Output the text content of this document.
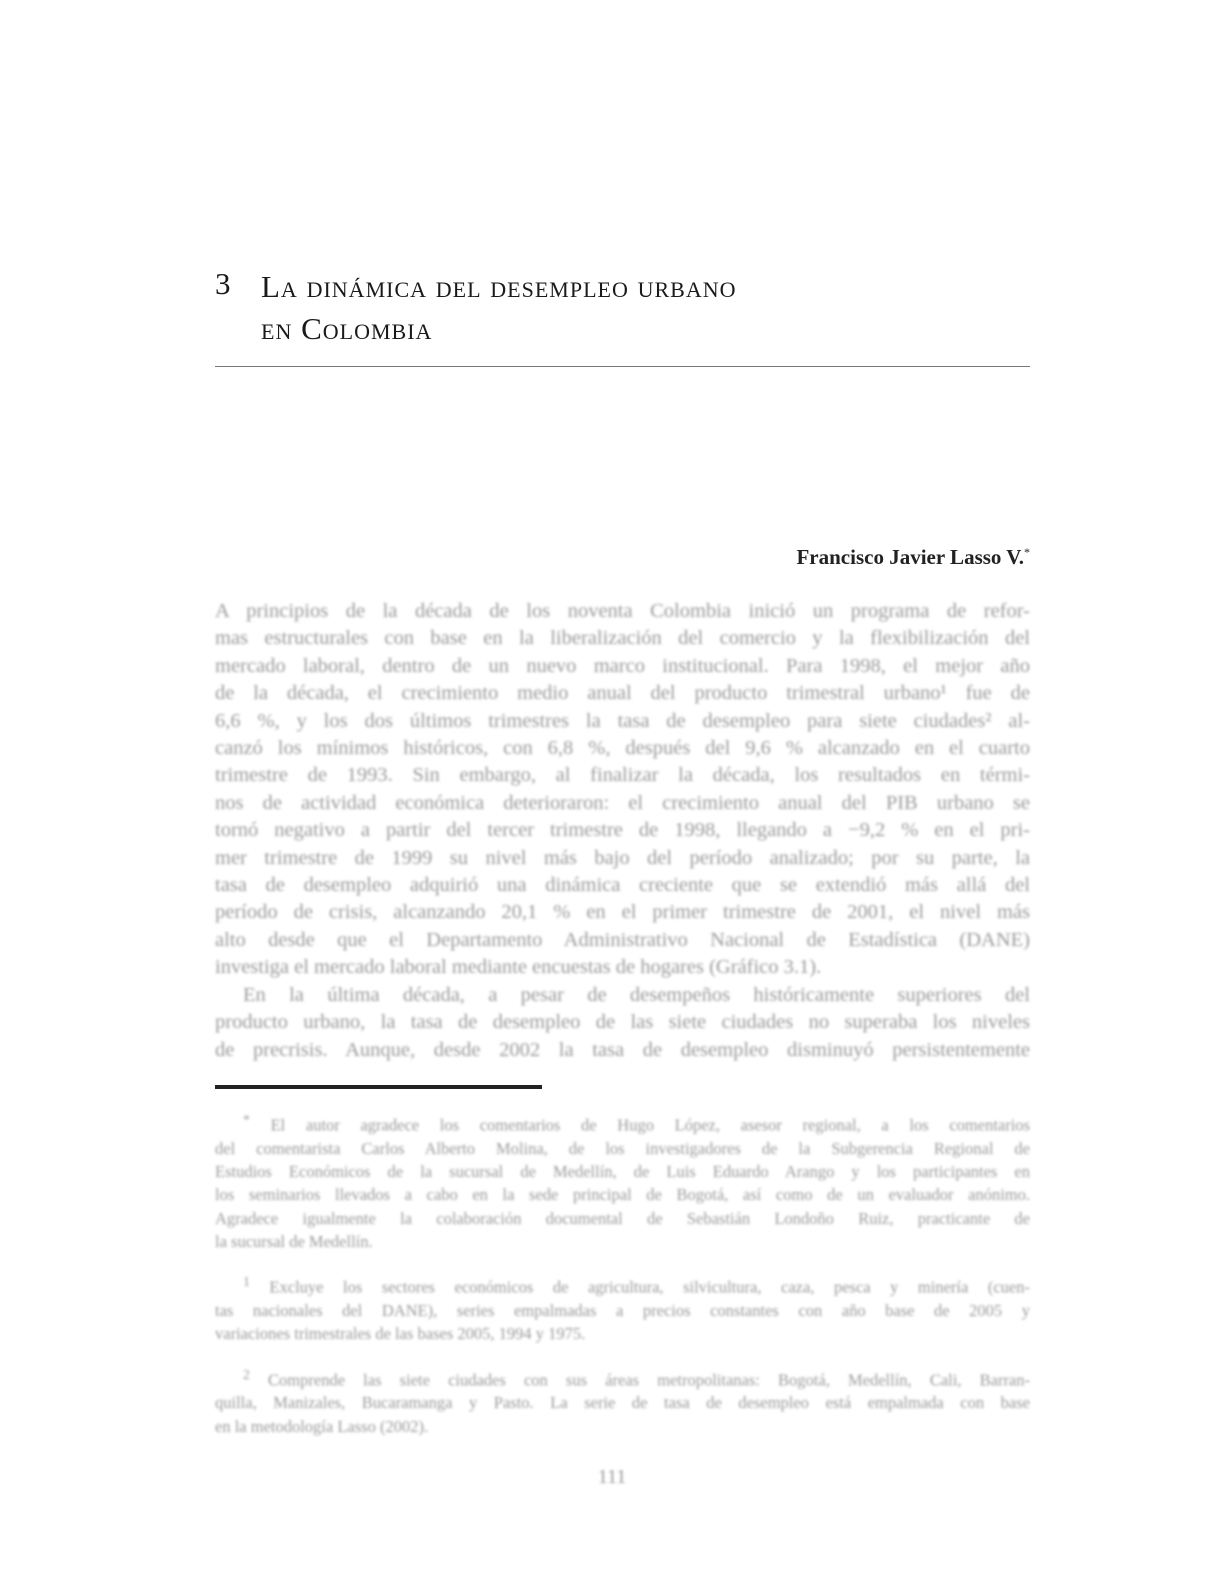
3 La dinámica del desempleo urbano
en Colombia
Francisco Javier Lasso V.*
A principios de la década de los noventa Colombia inició un programa de refor-
mas estructurales con base en la liberalización del comercio y la flexibilización del
mercado laboral, dentro de un nuevo marco institucional. Para 1998, el mejor año
de la década, el crecimiento medio anual del producto trimestral urbano¹ fue de
6,6 %, y los dos últimos trimestres la tasa de desempleo para siete ciudades² al-
canzó los mínimos históricos, con 6,8 %, después del 9,6 % alcanzado en el cuarto
trimestre de 1993. Sin embargo, al finalizar la década, los resultados en térmi-
nos de actividad económica deterioraron: el crecimiento anual del PIB urbano se
tornó negativo a partir del tercer trimestre de 1998, llegando a −9,2 % en el pri-
mer trimestre de 1999 su nivel más bajo del período analizado; por su parte, la
tasa de desempleo adquirió una dinámica creciente que se extendió más allá del
período de crisis, alcanzando 20,1 % en el primer trimestre de 2001, el nivel más
alto desde que el Departamento Administrativo Nacional de Estadística (DANE)
investiga el mercado laboral mediante encuestas de hogares (Gráfico 3.1).
En la última década, a pesar de desempeños históricamente superiores del
producto urbano, la tasa de desempleo de las siete ciudades no superaba los niveles
de precrisis. Aunque, desde 2002 la tasa de desempleo disminuyó persistentemente
* El autor agradece los comentarios de Hugo López, asesor regional, a los comentarios
del comentarista Carlos Alberto Molina, de los investigadores de la Subgerencia Regional de
Estudios Económicos de la sucursal de Medellín, de Luis Eduardo Arango y los participantes en
los seminarios llevados a cabo en la sede principal de Bogotá, así como de un evaluador anónimo.
Agradece igualmente la colaboración documental de Sebastián Londoño Ruiz, practicante de
la sucursal de Medellín.
$^1$ Excluye los sectores económicos de agricultura, silvicultura, caza, pesca y minería (cuen-
tas nacionales del DANE), series empalmadas a precios constantes con año base de 2005 y
variaciones trimestrales de las bases 2005, 1994 y 1975.
$^2$ Comprende las siete ciudades con sus áreas metropolitanas: Bogotá, Medellín, Cali, Barran-
quilla, Manizales, Bucaramanga y Pasto. La serie de tasa de desempleo está empalmada con base
en la metodología Lasso (2002).
111
